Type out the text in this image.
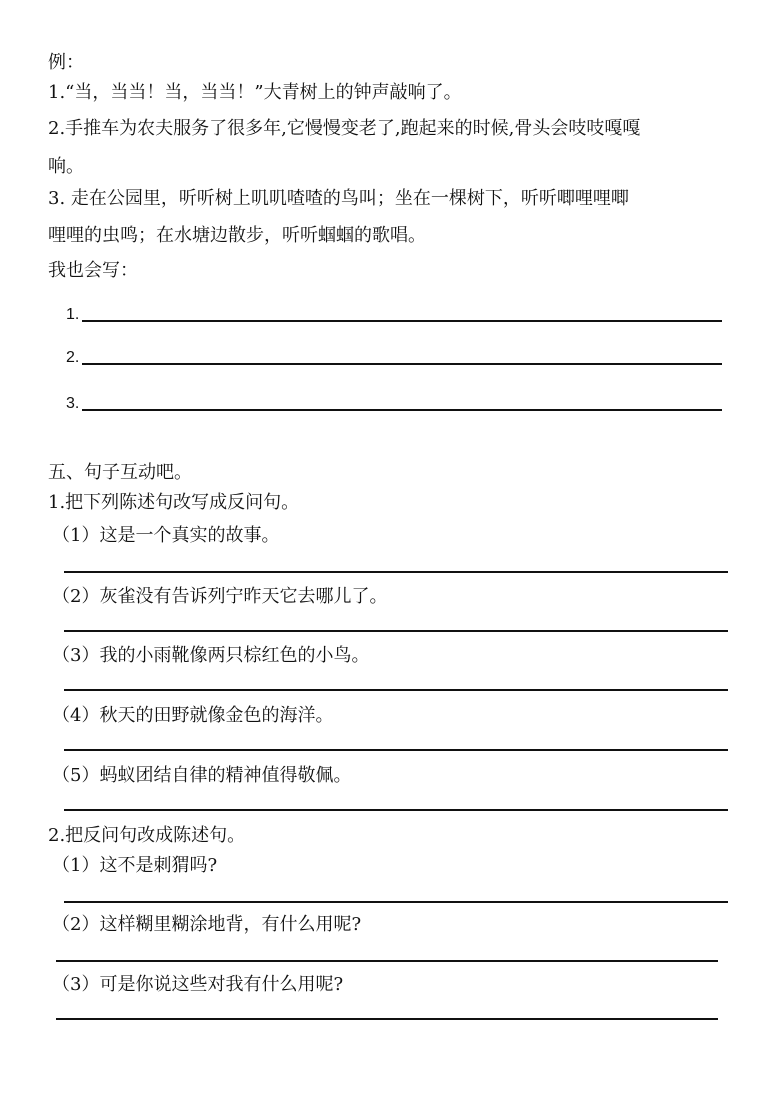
例：
1.“当，当当！当，当当！”大青树上的钟声敲响了。
2.手推车为农夫服务了很多年,它慢慢变老了,跑起来的时候,骨头会吱吱嘎嘎
响。
3. 走在公园里，听听树上叽叽喳喳的鸟叫；坐在一棵树下，听听唧哩哩唧
哩哩的虫鸣；在水塘边散步，听听蝈蝈的歌唱。
我也会写：
1.
2.
3.
五、句子互动吧。
1.把下列陈述句改写成反问句。
（1）这是一个真实的故事。
（2）灰雀没有告诉列宁昨天它去哪儿了。
（3）我的小雨靴像两只棕红色的小鸟。
（4）秋天的田野就像金色的海洋。
（5）蚂蚁团结自律的精神值得敬佩。
2.把反问句改成陈述句。
（1）这不是刺猬吗?
（2）这样糊里糊涂地背，有什么用呢?
（3）可是你说这些对我有什么用呢?
